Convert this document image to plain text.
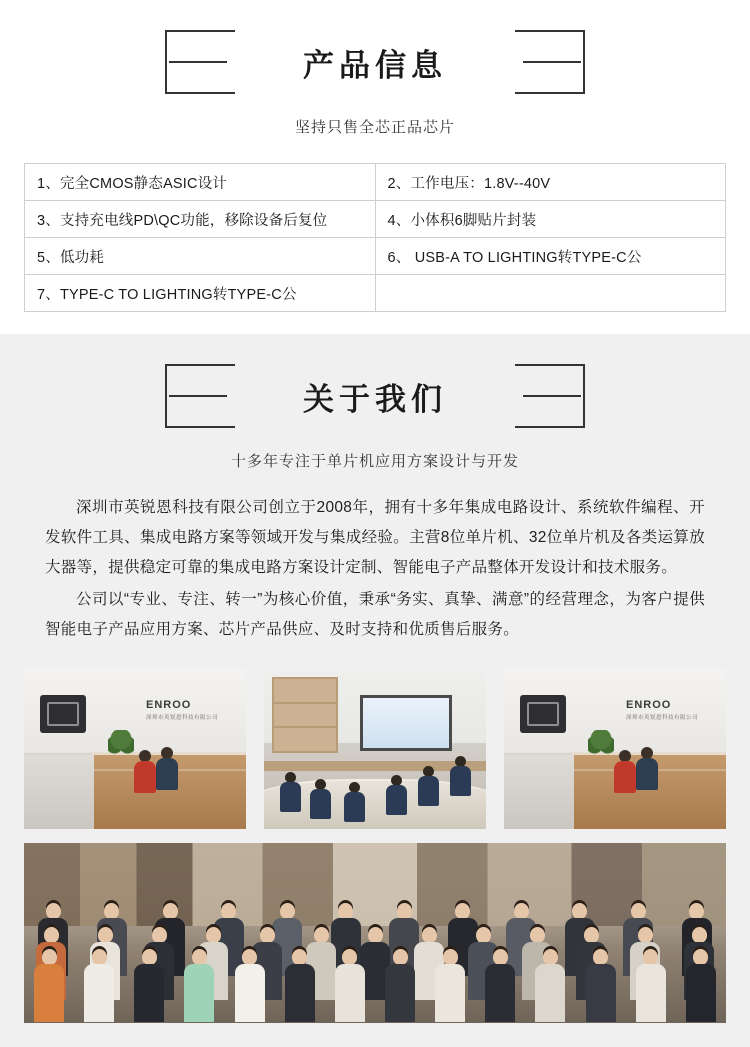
产品信息
坚持只售全芯正品芯片
1、完全CMOS静态ASIC设计	2、工作电压：1.8V--40V
3、支持充电线PD\QC功能，移除设备后复位	4、小体积6脚贴片封装
5、低功耗	6、 USB-A TO LIGHTING转TYPE-C公
7、TYPE-C TO LIGHTING转TYPE-C公	
关于我们
十多年专注于单片机应用方案设计与开发

深圳市英锐恩科技有限公司创立于2008年，拥有十多年集成电路设计、系统软件编程、开发软件工具、集成电路方案等领域开发与集成经验。主营8位单片机、32位单片机及各类运算放大器等，提供稳定可靠的集成电路方案设计定制、智能电子产品整体开发设计和技术服务。

公司以“专业、专注、转一”为核心价值，秉承“务实、真挚、满意”的经营理念，为客户提供智能电子产品应用方案、芯片产品供应、及时支持和优质售后服务。

ENROO
深圳市英锐恩科技有限公司
ENROO
深圳市英锐恩科技有限公司
